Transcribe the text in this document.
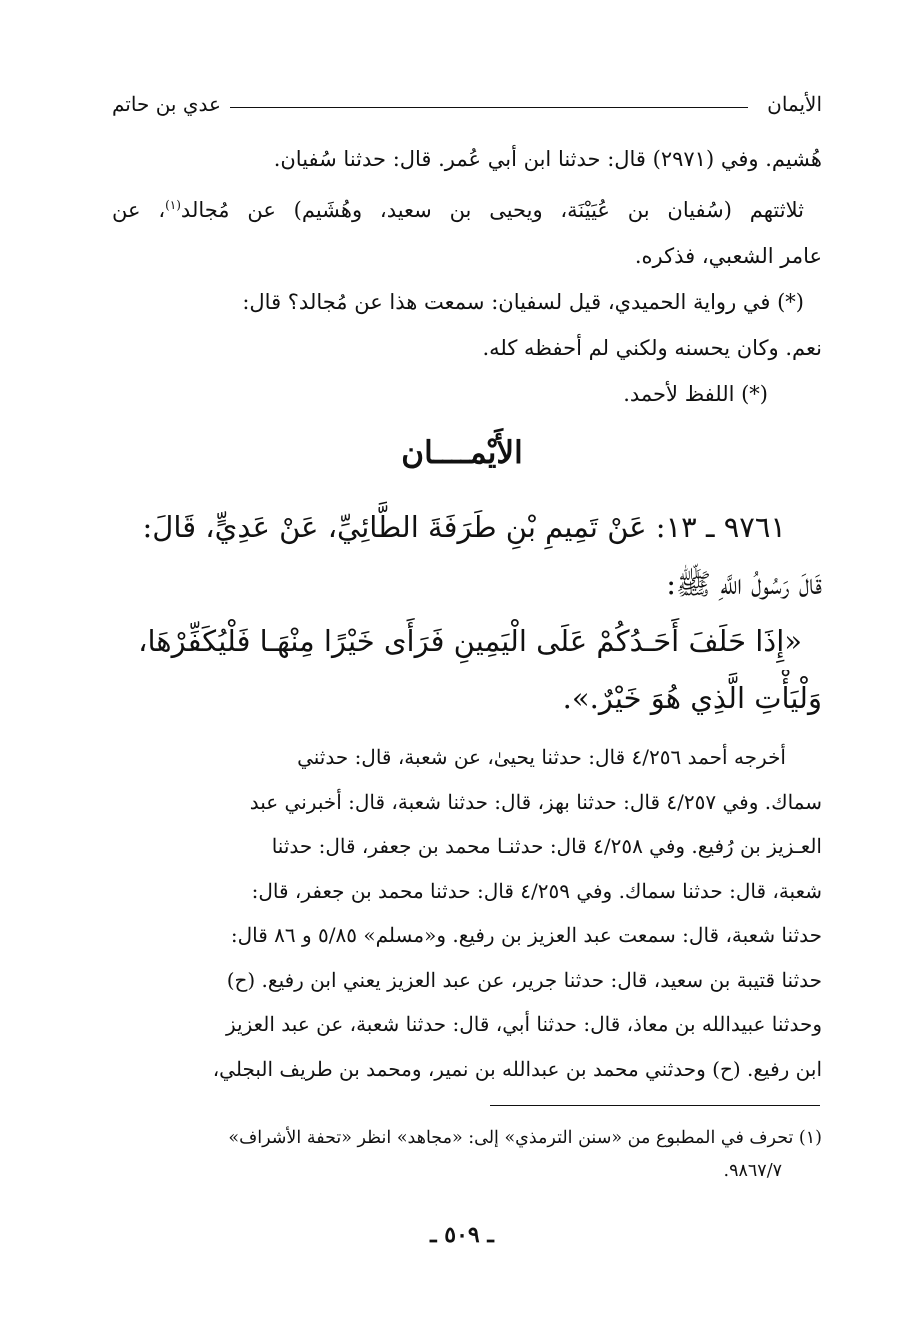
الأيمان
عدي بن حاتم
هُشيم. وفي (٢٩٧١) قال: حدثنا ابن أبي عُمر. قال: حدثنا سُفيان.
ثلاثتهم (سُفيان بن عُيَيْنَة، ويحيى بن سعيد، وهُشَيم) عن مُجالد$^{(١)}$، عن
عامر الشعبي، فذكره.
(*) في رواية الحميدي، قيل لسفيان: سمعت هذا عن مُجالد؟ قال:
نعم. وكان يحسنه ولكني لم أحفظه كله.
(*) اللفظ لأحمد.
الأَيْمــــان
٩٧٦١ ـ ١٣: عَنْ تَمِيمِ بْنِ طَرَفَةَ الطَّائِيِّ، عَنْ عَدِيٍّ، قَالَ:
قَالَ رَسُولُ اللَّهِ ﷺ:
«إِذَا حَلَفَ أَحَـدُكُمْ عَلَى الْيَمِينِ فَرَأَى خَيْرًا مِنْهَـا فَلْيُكَفِّرْهَا،
وَلْيَأْتِ الَّذِي هُوَ خَيْرٌ.».
أخرجه أحمد ٤/٢٥٦ قال: حدثنا يحيىٰ، عن شعبة، قال: حدثني
سماك. وفي ٤/٢٥٧ قال: حدثنا بهز، قال: حدثنا شعبة، قال: أخبرني عبد
العـزيز بن رُفيع. وفي ٤/٢٥٨ قال: حدثنـا محمد بن جعفر، قال: حدثنا
شعبة، قال: حدثنا سماك. وفي ٤/٢٥٩ قال: حدثنا محمد بن جعفر، قال:
حدثنا شعبة، قال: سمعت عبد العزيز بن رفيع. و«مسلم» ٥/٨٥ و ٨٦ قال:
حدثنا قتيبة بن سعيد، قال: حدثنا جرير، عن عبد العزيز يعني ابن رفيع. (ح)
وحدثنا عبيدالله بن معاذ، قال: حدثنا أبي، قال: حدثنا شعبة، عن عبد العزيز
ابن رفيع. (ح) وحدثني محمد بن عبدالله بن نمير، ومحمد بن طريف البجلي،
(١) تحرف في المطبوع من «سنن الترمذي» إلى: «مجاهد» انظر «تحفة الأشراف»
٩٨٦٧/٧.
ـ ٥٠٩ ـ
